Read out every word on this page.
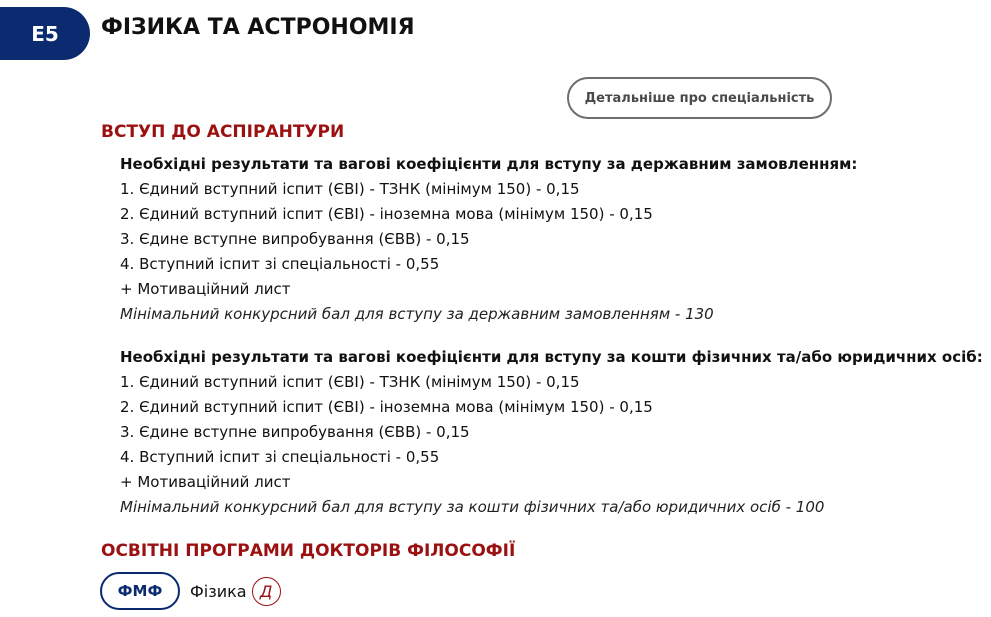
E5	ФІЗИКА ТА АСТРОНОМІЯ
Детальніше про спеціальність
ВСТУП ДО АСПІРАНТУРИ
Необхідні результати та вагові коефіцієнти для вступу за державним замовленням:
1. Єдиний вступний іспит (ЄВІ) - ТЗНК (мінімум 150) - 0,15
2. Єдиний вступний іспит (ЄВІ) - іноземна мова (мінімум 150) - 0,15
3. Єдине вступне випробування (ЄВВ) - 0,15
4. Вступний іспит зі спеціальності - 0,55
+ Мотиваційний лист
Мінімальний конкурсний бал для вступу за державним замовленням - 130
Необхідні результати та вагові коефіцієнти для вступу за кошти фізичних та/або юридичних осіб:
1. Єдиний вступний іспит (ЄВІ) - ТЗНК (мінімум 150) - 0,15
2. Єдиний вступний іспит (ЄВІ) - іноземна мова (мінімум 150) - 0,15
3. Єдине вступне випробування (ЄВВ) - 0,15
4. Вступний іспит зі спеціальності - 0,55
+ Мотиваційний лист
Мінімальний конкурсний бал для вступу за кошти фізичних та/або юридичних осіб - 100
ОСВІТНІ ПРОГРАМИ ДОКТОРІВ ФІЛОСОФІЇ
ФМФ	Фізика Д
